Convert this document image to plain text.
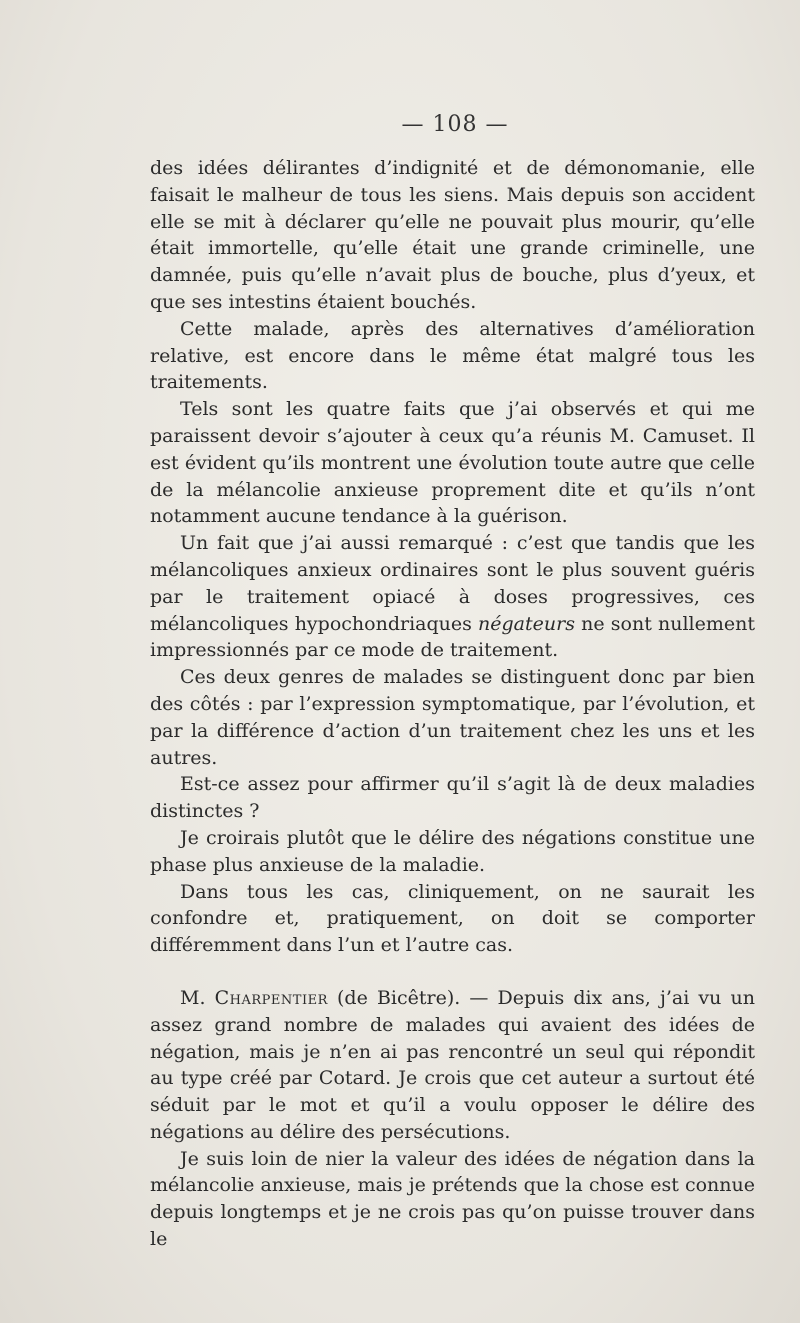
— 108 —

des idées délirantes d’indignité et de démonomanie, elle faisait le malheur de tous les siens. Mais depuis son accident elle se mit à déclarer qu’elle ne pouvait plus mourir, qu’elle était immortelle, qu’elle était une grande criminelle, une damnée, puis qu’elle n’avait plus de bouche, plus d’yeux, et que ses intestins étaient bouchés.

Cette malade, après des alternatives d’amélioration relative, est encore dans le même état malgré tous les traitements.

Tels sont les quatre faits que j’ai observés et qui me paraissent devoir s’ajouter à ceux qu’a réunis M. Camuset. Il est évident qu’ils montrent une évolution toute autre que celle de la mélancolie anxieuse proprement dite et qu’ils n’ont notamment aucune tendance à la guérison.

Un fait que j’ai aussi remarqué : c’est que tandis que les mélancoliques anxieux ordinaires sont le plus souvent guéris par le traitement opiacé à doses progressives, ces mélancoliques hypochondriaques négateurs ne sont nullement impressionnés par ce mode de traitement.

Ces deux genres de malades se distinguent donc par bien des côtés : par l’expression symptomatique, par l’évolution, et par la différence d’action d’un traitement chez les uns et les autres.

Est-ce assez pour affirmer qu’il s’agit là de deux maladies distinctes ?

Je croirais plutôt que le délire des négations constitue une phase plus anxieuse de la maladie.

Dans tous les cas, cliniquement, on ne saurait les confondre et, pratiquement, on doit se comporter différemment dans l’un et l’autre cas.

M. Charpentier (de Bicêtre). — Depuis dix ans, j’ai vu un assez grand nombre de malades qui avaient des idées de négation, mais je n’en ai pas rencontré un seul qui répondit au type créé par Cotard. Je crois que cet auteur a surtout été séduit par le mot et qu’il a voulu opposer le délire des négations au délire des persécutions.

Je suis loin de nier la valeur des idées de négation dans la mélancolie anxieuse, mais je prétends que la chose est connue depuis longtemps et je ne crois pas qu’on puisse trouver dans le
